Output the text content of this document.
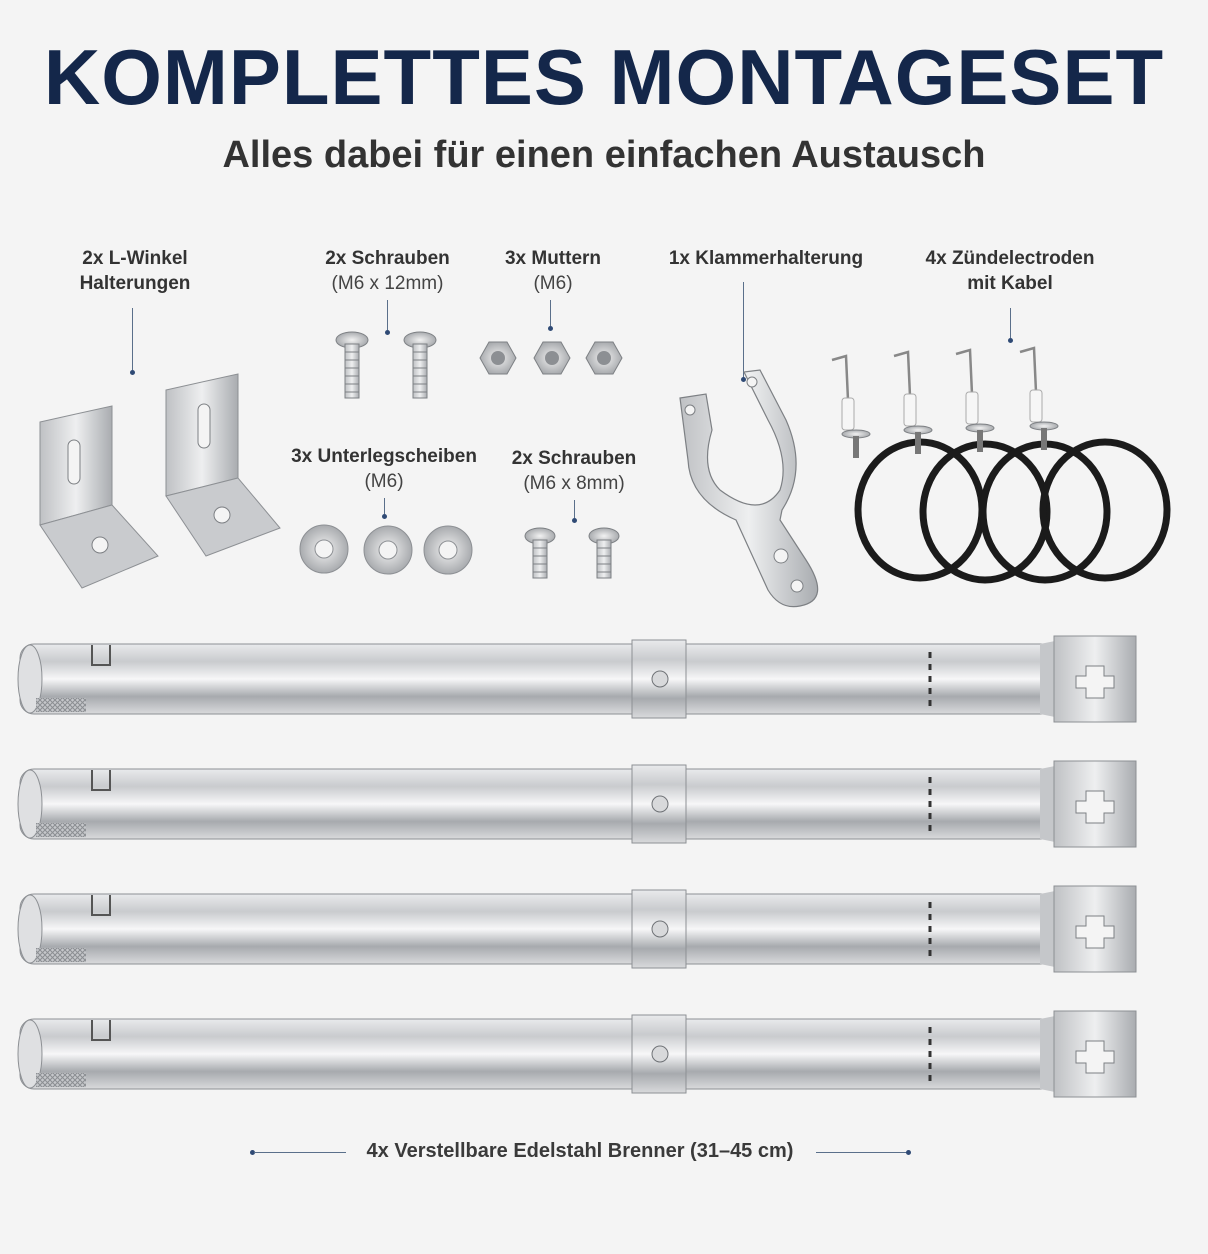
KOMPLETTES MONTAGESET
Alles dabei für einen einfachen Austausch
2x L-Winkel
Halterungen
2x Schrauben
(M6 x 12mm)
3x Muttern
(M6)
1x Klammerhalterung	4x Zündelectroden
mit Kabel
3x Unterlegscheiben
(M6)
2x Schrauben
(M6 x 8mm)
4x Verstellbare Edelstahl Brenner (31–45 cm)
